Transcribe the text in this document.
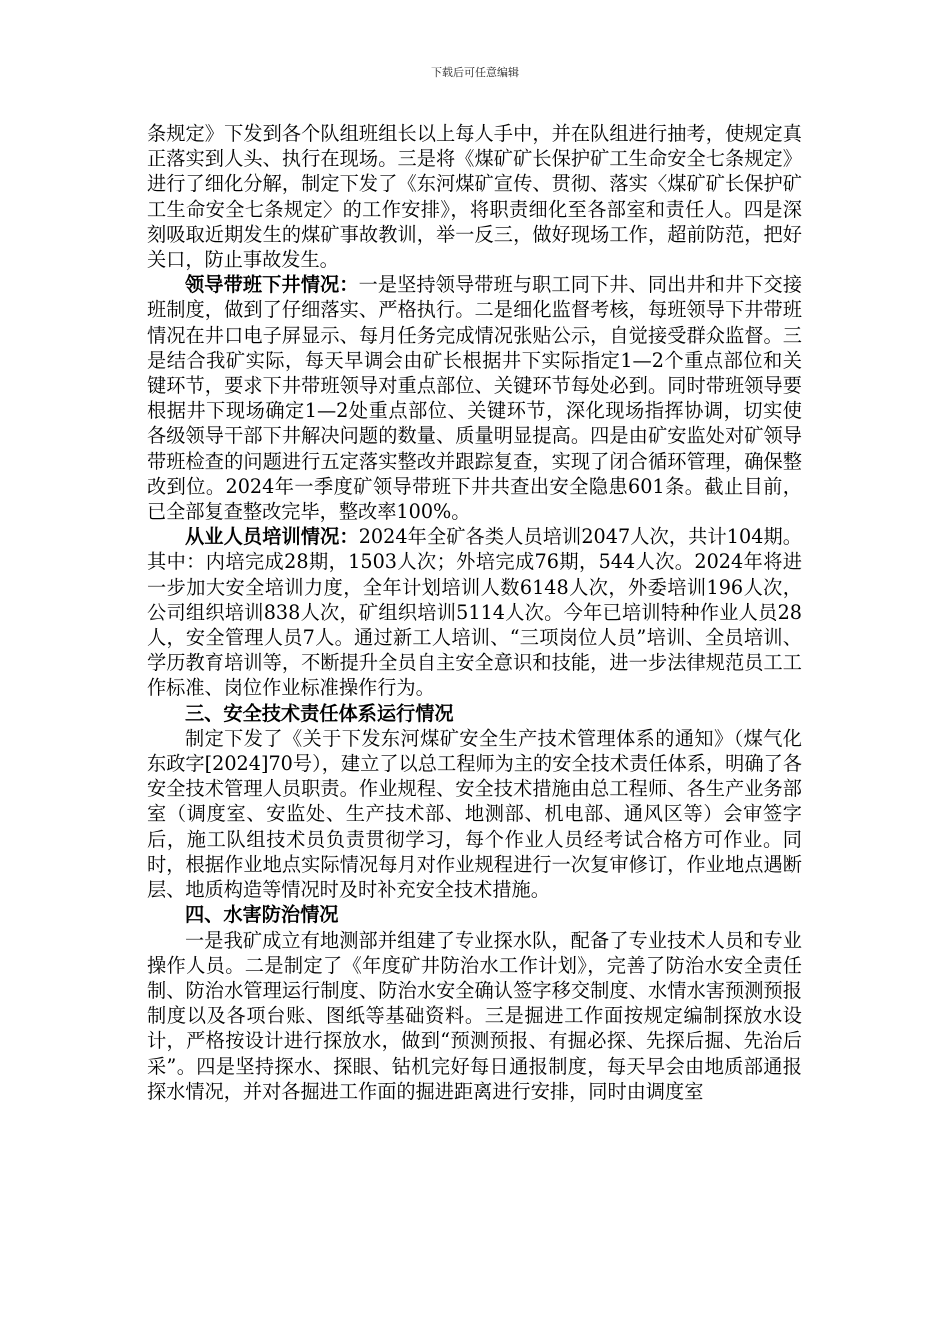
下载后可任意编辑

条规定》下发到各个队组班组长以上每人手中，并在队组进行抽考，使规定真正落实到人头、执行在现场。三是将《煤矿矿长保护矿工生命安全七条规定》进行了细化分解，制定下发了《东河煤矿宣传、贯彻、落实〈煤矿矿长保护矿工生命安全七条规定〉的工作安排》，将职责细化至各部室和责任人。四是深刻吸取近期发生的煤矿事故教训，举一反三，做好现场工作，超前防范，把好关口，防止事故发生。

领导带班下井情况：一是坚持领导带班与职工同下井、同出井和井下交接班制度，做到了仔细落实、严格执行。二是细化监督考核，每班领导下井带班情况在井口电子屏显示、每月任务完成情况张贴公示，自觉接受群众监督。三是结合我矿实际，每天早调会由矿长根据井下实际指定1—2个重点部位和关键环节，要求下井带班领导对重点部位、关键环节每处必到。同时带班领导要根据井下现场确定1—2处重点部位、关键环节，深化现场指挥协调，切实使各级领导干部下井解决问题的数量、质量明显提高。四是由矿安监处对矿领导带班检查的问题进行五定落实整改并跟踪复查，实现了闭合循环管理，确保整改到位。2024年一季度矿领导带班下井共查出安全隐患601条。截止目前，已全部复查整改完毕，整改率100%。

从业人员培训情况：2024年全矿各类人员培训2047人次，共计104期。其中：内培完成28期，1503人次；外培完成76期，544人次。2024年将进一步加大安全培训力度，全年计划培训人数6148人次，外委培训196人次，公司组织培训838人次，矿组织培训5114人次。今年已培训特种作业人员28人，安全管理人员7人。通过新工人培训、“三项岗位人员”培训、全员培训、学历教育培训等，不断提升全员自主安全意识和技能，进一步法律规范员工工作标准、岗位作业标准操作行为。

三、安全技术责任体系运行情况

制定下发了《关于下发东河煤矿安全生产技术管理体系的通知》（煤气化东政字[2024]70号），建立了以总工程师为主的安全技术责任体系，明确了各安全技术管理人员职责。作业规程、安全技术措施由总工程师、各生产业务部室（调度室、安监处、生产技术部、地测部、机电部、通风区等）会审签字后，施工队组技术员负责贯彻学习，每个作业人员经考试合格方可作业。同时，根据作业地点实际情况每月对作业规程进行一次复审修订，作业地点遇断层、地质构造等情况时及时补充安全技术措施。

四、水害防治情况

一是我矿成立有地测部并组建了专业探水队，配备了专业技术人员和专业操作人员。二是制定了《年度矿井防治水工作计划》，完善了防治水安全责任制、防治水管理运行制度、防治水安全确认签字移交制度、水情水害预测预报制度以及各项台账、图纸等基础资料。三是掘进工作面按规定编制探放水设计，严格按设计进行探放水，做到“预测预报、有掘必探、先探后掘、先治后采”。四是坚持探水、探眼、钻机完好每日通报制度，每天早会由地质部通报探水情况，并对各掘进工作面的掘进距离进行安排，同时由调度室
